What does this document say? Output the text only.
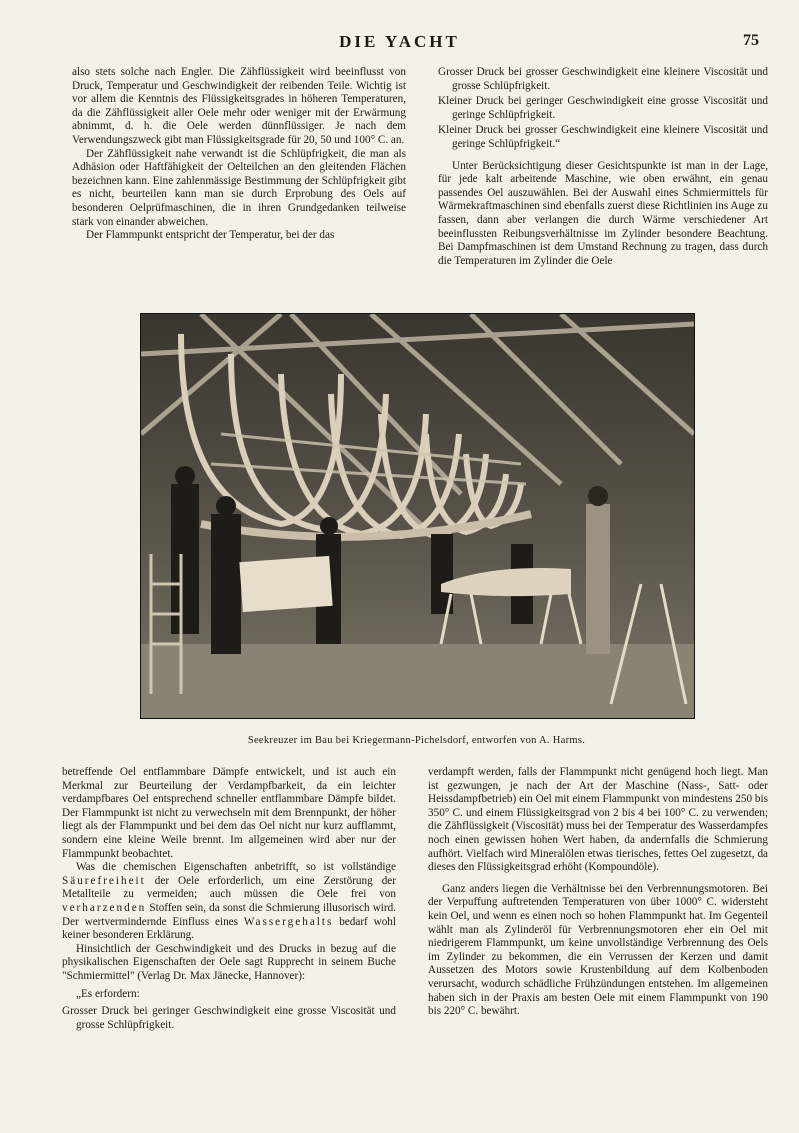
DIE YACHT	75

also stets solche nach Engler. Die Zähflüssigkeit wird beeinflusst von Druck, Temperatur und Geschwindigkeit der reibenden Teile. Wichtig ist vor allem die Kenntnis des Flüssigkeitsgrades in höheren Temperaturen, da die Zähflüssigkeit aller Oele mehr oder weniger mit der Erwärmung abnimmt, d. h. die Oele werden dünnflüssiger. Je nach dem Verwendungszweck gibt man Flüssigkeitsgrade für 20, 50 und 100° C. an.

Der Zähflüssigkeit nahe verwandt ist die Schlüpfrigkeit, die man als Adhäsion oder Haftfähigkeit der Oelteilchen an den gleitenden Flächen bezeichnen kann. Eine zahlenmässige Bestimmung der Schlüpfrigkeit gibt es nicht, beurteilen kann man sie durch Erprobung des Oels auf besonderen Oelprüfmaschinen, die in ihren Grundgedanken teilweise stark von einander abweichen.

Der Flammpunkt entspricht der Temperatur, bei der das

Grosser Druck bei grosser Geschwindigkeit eine kleinere Viscosität und grosse Schlüpfrigkeit.

Kleiner Druck bei geringer Geschwindigkeit eine grosse Viscosität und geringe Schlüpfrigkeit.

Kleiner Druck bei grosser Geschwindigkeit eine kleinere Viscosität und geringe Schlüpfrigkeit.“

Unter Berücksichtigung dieser Gesichtspunkte ist man in der Lage, für jede kalt arbeitende Maschine, wie oben erwähnt, ein genau passendes Oel auszuwählen. Bei der Auswahl eines Schmiermittels für Wärmekraftmaschinen sind ebenfalls zuerst diese Richtlinien ins Auge zu fassen, dann aber verlangen die durch Wärme verschiedener Art beeinflussten Reibungsverhältnisse im Zylinder besondere Beachtung. Bei Dampfmaschinen ist dem Umstand Rechnung zu tragen, dass durch die Temperaturen im Zylinder die Oele

Seekreuzer im Bau bei Kriegermann-Pichelsdorf, entworfen von A. Harms.

betreffende Oel entflammbare Dämpfe entwickelt, und ist auch ein Merkmal zur Beurteilung der Verdampfbarkeit, da ein leichter verdampfbares Oel entsprechend schneller entflammbare Dämpfe bildet. Der Flammpunkt ist nicht zu verwechseln mit dem Brennpunkt, der höher liegt als der Flammpunkt und bei dem das Oel nicht nur kurz aufflammt, sondern eine kleine Weile brennt. Im allgemeinen wird aber nur der Flammpunkt beobachtet.

Was die chemischen Eigenschaften anbetrifft, so ist vollständige Säurefreiheit der Oele erforderlich, um eine Zerstörung der Metallteile zu vermeiden; auch müssen die Oele frei von verharzenden Stoffen sein, da sonst die Schmierung illusorisch wird. Der wertvermindernde Einfluss eines Wassergehalts bedarf wohl keiner besonderen Erklärung.

Hinsichtlich der Geschwindigkeit und des Drucks in bezug auf die physikalischen Eigenschaften der Oele sagt Rupprecht in seinem Buche "Schmiermittel" (Verlag Dr. Max Jänecke, Hannover):

„Es erfordern:

Grosser Druck bei geringer Geschwindigkeit eine grosse Viscosität und grosse Schlüpfrigkeit.

verdampft werden, falls der Flammpunkt nicht genügend hoch liegt. Man ist gezwungen, je nach der Art der Maschine (Nass-, Satt- oder Heissdampfbetrieb) ein Oel mit einem Flammpunkt von mindestens 250 bis 350° C. und einem Flüssigkeitsgrad von 2 bis 4 bei 100° C. zu verwenden; die Zähflüssigkeit (Viscosität) muss bei der Temperatur des Wasserdampfes noch einen gewissen hohen Wert haben, da andernfalls die Schmierung aufhört. Vielfach wird Mineralölen etwas tierisches, fettes Oel zugesetzt, da dieses den Flüssigkeitsgrad erhöht (Kompoundöle).

Ganz anders liegen die Verhältnisse bei den Verbrennungsmotoren. Bei der Verpuffung auftretenden Temperaturen von über 1000° C. widersteht kein Oel, und wenn es einen noch so hohen Flammpunkt hat. Im Gegenteil wählt man als Zylinderöl für Verbrennungsmotoren eher ein Oel mit niedrigerem Flammpunkt, um keine unvollständige Verbrennung des Oels im Zylinder zu bekommen, die ein Verrussen der Kerzen und damit Aussetzen des Motors sowie Krustenbildung auf dem Kolbenboden verursacht, wodurch schädliche Frühzündungen entstehen. Im allgemeinen haben sich in der Praxis am besten Oele mit einem Flammpunkt von 190 bis 220° C. bewährt.
